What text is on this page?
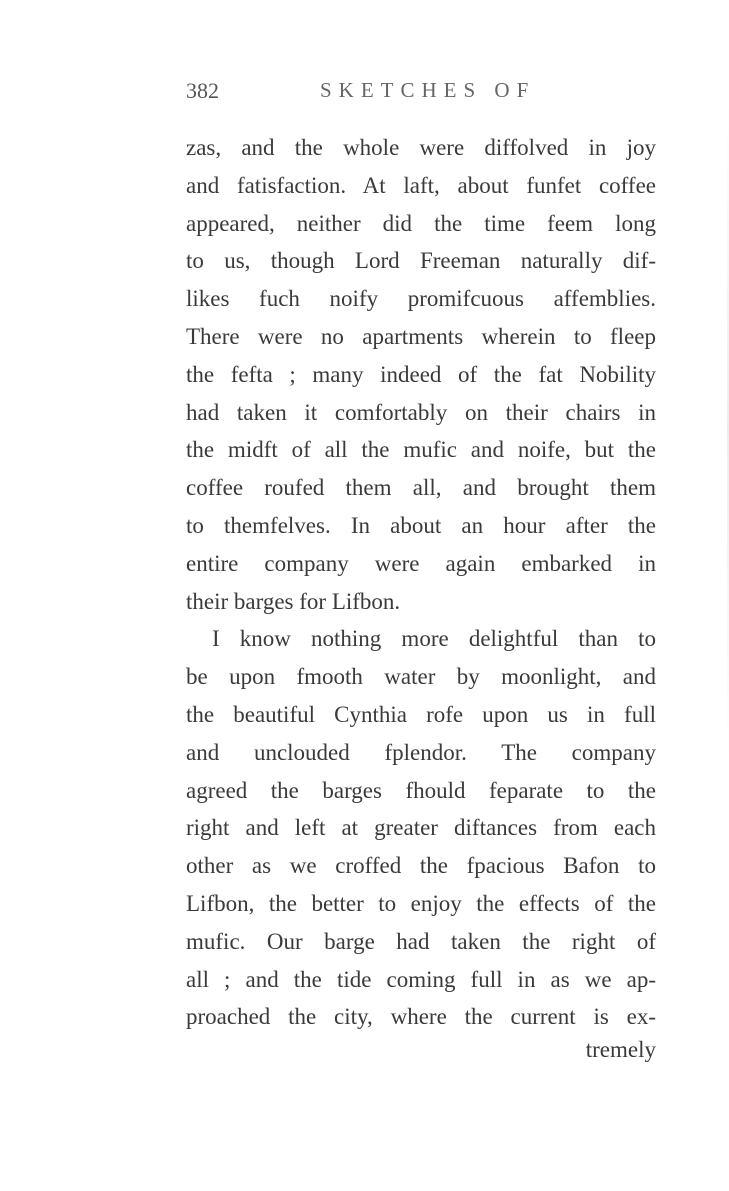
382	SKETCHES OF
zas, and the whole were diffolved in joy
and fatisfaction. At laft, about funfet coffee
appeared, neither did the time feem long
to us, though Lord Freeman naturally dif-
likes fuch noify promifcuous affemblies.
There were no apartments wherein to fleep
the fefta ; many indeed of the fat Nobility
had taken it comfortably on their chairs in
the midft of all the mufic and noife, but the
coffee roufed them all, and brought them
to themfelves. In about an hour after the
entire company were again embarked in
their barges for Lifbon.
I know nothing more delightful than to
be upon fmooth water by moonlight, and
the beautiful Cynthia rofe upon us in full
and unclouded fplendor. The company
agreed the barges fhould feparate to the
right and left at greater diftances from each
other as we croffed the fpacious Bafon to
Lifbon, the better to enjoy the effects of the
mufic. Our barge had taken the right of
all ; and the tide coming full in as we ap-
proached the city, where the current is ex-
tremely
